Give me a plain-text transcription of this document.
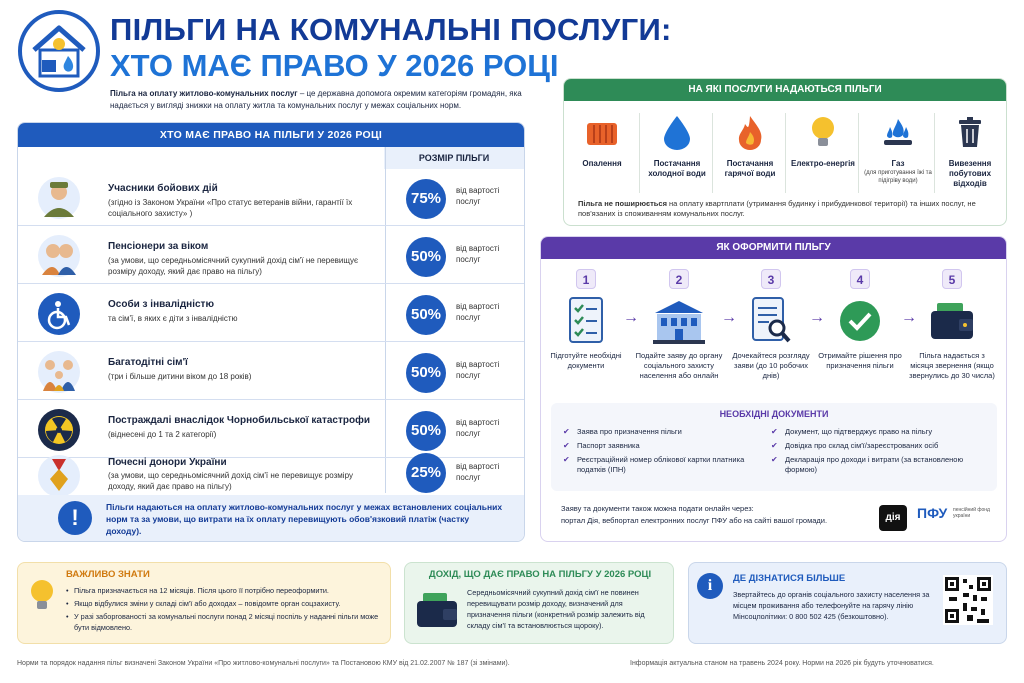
ПІЛЬГИ НА КОМУНАЛЬНІ ПОСЛУГИ:
ХТО МАЄ ПРАВО У 2026 РОЦІ
Пільга на оплату житлово-комунальних послуг – це державна допомога окремим категоріям громадян, яка надається у вигляді знижки на оплату житла та комунальних послуг у межах соціальних норм.
ХТО МАЄ ПРАВО НА ПІЛЬГИ У 2026 РОЦІ
РОЗМІР ПІЛЬГИ
Учасники бойових дій
(згідно із Законом України «Про статус ветеранів війни, гарантії їх соціального захисту» )
75%	від вартості послуг
Пенсіонери за віком
(за умови, що середньомісячний сукупний дохід сім'ї не перевищує розміру доходу, який дає право на пільгу)
50%	від вартості послуг
Особи з інвалідністю
та сім'ї, в яких є діти з інвалідністю	50%	від вартості послуг
Багатодітні сім'ї
(три і більше дитини віком до 18 років)	50%	від вартості послуг
Постраждалі внаслідок Чорнобильської катастрофи
(віднесені до 1 та 2 категорії)	50%	від вартості послуг
Почесні донори України
(за умови, що середньомісячний дохід сім'ї не перевищує розміру доходу, який дає право на пільгу)
25%	від вартості послуг
!	Пільги надаються на оплату житлово-комунальних послуг у межах встановлених соціальних норм та за умови, що витрати на їх оплату перевищують обов'язковий платіж (частку доходу).
НА ЯКІ ПОСЛУГИ НАДАЮТЬСЯ ПІЛЬГИ
Опалення	Постачання холодної води
Постачання гарячої води
Електро-енергія	Газ
(для приготування їжі та підігріву води)
Вивезення побутових відходів
Пільга не поширюється на оплату квартплати (утримання будинку і прибудинкової території) та інших послуг, не пов'язаних із споживанням комунальних послуг.
ЯК ОФОРМИТИ ПІЛЬГУ
1
Підготуйте необхідні документи
→
2
Подайте заяву до органу соціального захисту населення або онлайн
→
3
Дочекайтеся розгляду заяви (до 10 робочих днів)
→
4
Отримайте рішення про призначення пільги
→
5
Пільга надається з місяця звернення (якщо звернулись до 30 числа)
НЕОБХІДНІ ДОКУМЕНТИ
✔ Заява про призначення пільги
✔ Паспорт заявника
✔ Реєстраційний номер облікової картки платника податків (ІПН)
✔ Документ, що підтверджує право на пільгу
✔ Довідка про склад сім'ї/зареєстрованих осіб
✔ Декларація про доходи і витрати (за встановленою формою)
Заяву та документи також можна подати онлайн через:
портал Дія, вебпортал електронних послуг ПФУ або на сайті вашої громади.	дія	ПФУ пенсійний фонд україни
ВАЖЛИВО ЗНАТИ
• Пільга призначається на 12 місяців. Після цього її потрібно переоформити.
• Якщо відбулися зміни у складі сім'ї або доходах – повідомте орган соцзахисту.
• У разі заборгованості за комунальні послуги понад 2 місяці поспіль у наданні пільги може бути відмовлено.
ДОХІД, ЩО ДАЄ ПРАВО НА ПІЛЬГУ У 2026 РОЦІ
Середньомісячний сукупний дохід сім'ї не повинен перевищувати розмір доходу, визначений для призначення пільги (конкретний розмір залежить від складу сім'ї та встановлюється щороку).
i	ДЕ ДІЗНАТИСЯ БІЛЬШЕ
Звертайтесь до органів соціального захисту населення за місцем проживання або телефонуйте на гарячу лінію Мінсоцполітики: 0 800 502 425 (безкоштовно).
Норми та порядок надання пільг визначені Законом України «Про житлово-комунальні послуги» та Постановою КМУ від 21.02.2007 № 187 (зі змінами).	Інформація актуальна станом на травень 2024 року. Норми на 2026 рік будуть уточнюватися.
